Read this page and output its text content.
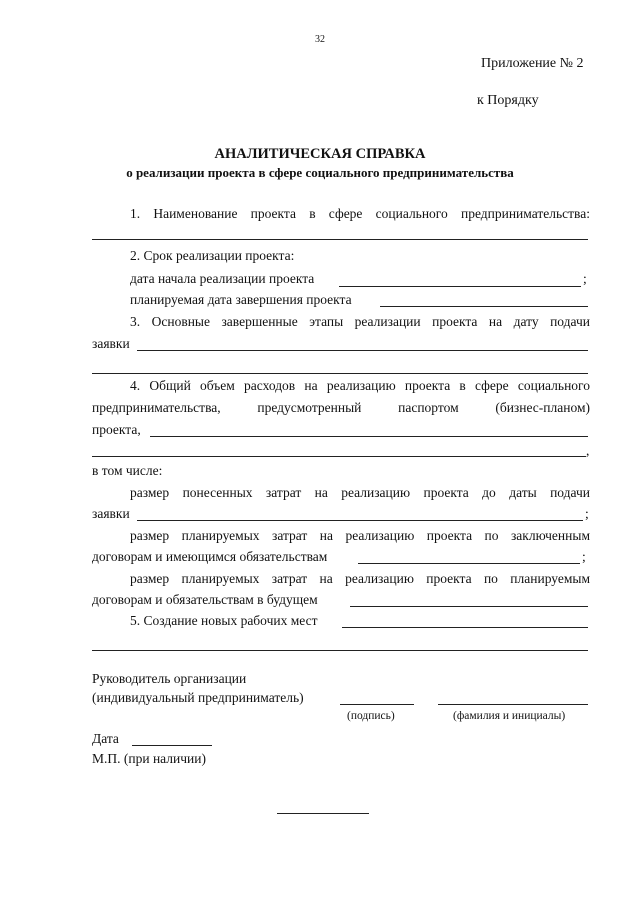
32
Приложение № 2
к Порядку
АНАЛИТИЧЕСКАЯ СПРАВКА
о реализации проекта в сфере социального предпринимательства
1. Наименование проекта в сфере социального предпринимательства:
2. Срок реализации проекта:
дата начала реализации проекта	;
планируемая дата завершения проекта
3. Основные завершенные этапы реализации проекта на дату подачи
заявки
4. Общий объем расходов на реализацию проекта в сфере социального
предпринимательства, предусмотренный паспортом (бизнес-планом)
проекта,
,
в том числе:
размер понесенных затрат на реализацию проекта до даты подачи
заявки	;
размер планируемых затрат на реализацию проекта по заключенным
договорам и имеющимся обязательствам	;
размер планируемых затрат на реализацию проекта по планируемым
договорам и обязательствам в будущем
5. Создание новых рабочих мест
Руководитель организации
(индивидуальный предприниматель)
(подпись)	(фамилия и инициалы)
Дата
М.П. (при наличии)
